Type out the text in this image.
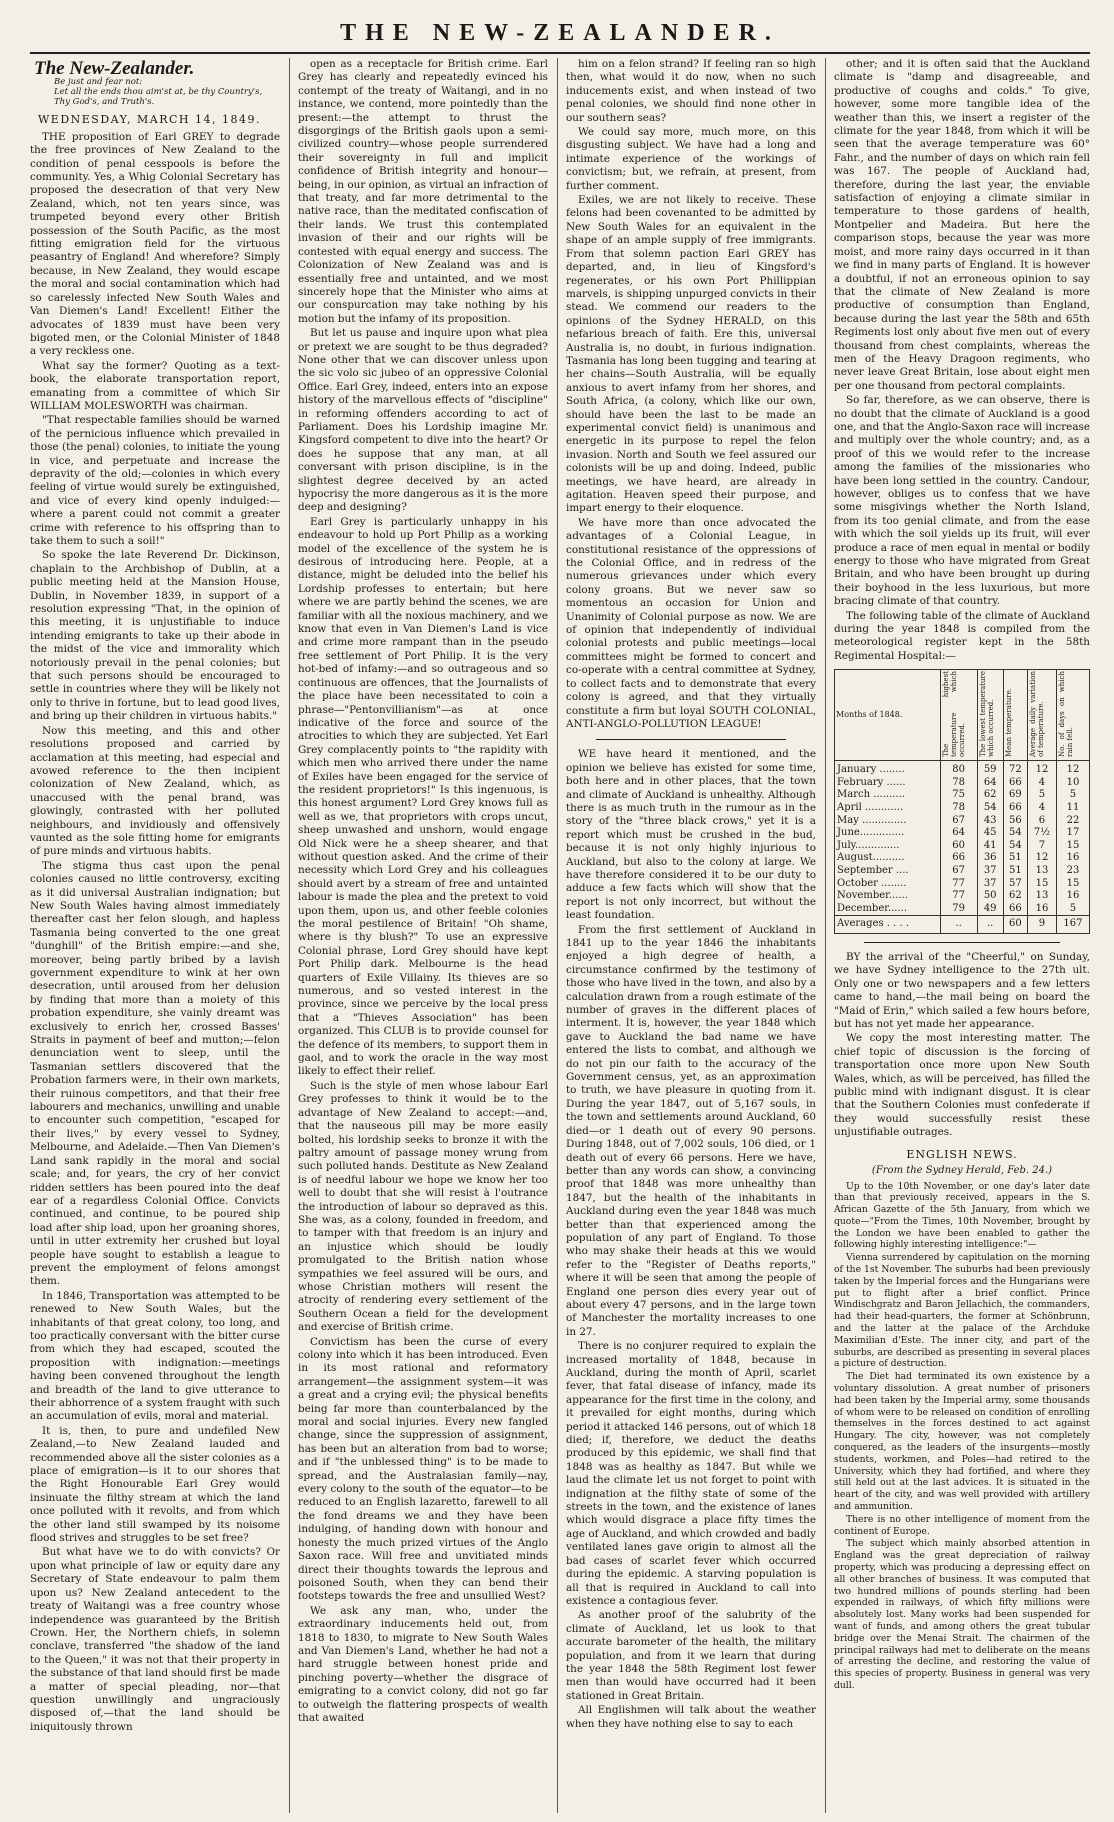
THE NEW-ZEALANDER.
The New-Zealander.
Be just and fear not:
Let all the ends thou aim'st at, be thy Country's,
Thy God's, and Truth's.
WEDNESDAY, MARCH 14, 1849.

THE proposition of Earl GREY to degrade the free provinces of New Zealand to the condition of penal cesspools is before the community. Yes, a Whig Colonial Secretary has proposed the desecration of that very New Zealand, which, not ten years since, was trumpeted beyond every other British possession of the South Pacific, as the most fitting emigration field for the virtuous peasantry of England! And wherefore? Simply because, in New Zealand, they would escape the moral and social contamination which had so carelessly infected New South Wales and Van Diemen's Land! Excellent! Either the advocates of 1839 must have been very bigoted men, or the Colonial Minister of 1848 a very reckless one.

What say the former? Quoting as a text-book, the elaborate transportation report, emanating from a committee of which Sir WILLIAM MOLESWORTH was chairman.

"That respectable families should be warned of the pernicious influence which prevailed in those (the penal) colonies, to initiate the young in vice, and perpetuate and increase the depravity of the old;—colonies in which every feeling of virtue would surely be extinguished, and vice of every kind openly indulged:—where a parent could not commit a greater crime with reference to his offspring than to take them to such a soil!"

So spoke the late Reverend Dr. Dickinson, chaplain to the Archbishop of Dublin, at a public meeting held at the Mansion House, Dublin, in November 1839, in support of a resolution expressing "That, in the opinion of this meeting, it is unjustifiable to induce intending emigrants to take up their abode in the midst of the vice and immorality which notoriously prevail in the penal colonies; but that such persons should be encouraged to settle in countries where they will be likely not only to thrive in fortune, but to lead good lives, and bring up their children in virtuous habits."

Now this meeting, and this and other resolutions proposed and carried by acclamation at this meeting, had especial and avowed reference to the then incipient colonization of New Zealand, which, as unaccused with the penal brand, was glowingly, contrasted with her polluted neighbours, and invidiously and offensively vaunted as the sole fitting home for emigrants of pure minds and virtuous habits.

The stigma thus cast upon the penal colonies caused no little controversy, exciting as it did universal Australian indignation; but New South Wales having almost immediately thereafter cast her felon slough, and hapless Tasmania being converted to the one great "dunghill" of the British empire:—and she, moreover, being partly bribed by a lavish government expenditure to wink at her own desecration, until aroused from her delusion by finding that more than a moiety of this probation expenditure, she vainly dreamt was exclusively to enrich her, crossed Basses' Straits in payment of beef and mutton;—felon denunciation went to sleep, until the Tasmanian settlers discovered that the Probation farmers were, in their own markets, their ruinous competitors, and that their free labourers and mechanics, unwilling and unable to encounter such competition, "escaped for their lives," by every vessel to Sydney, Melbourne, and Adelaide.—Then Van Diemen's Land sank rapidly in the moral and social scale; and, for years, the cry of her convict ridden settlers has been poured into the deaf ear of a regardless Colonial Office. Convicts continued, and continue, to be poured ship load after ship load, upon her groaning shores, until in utter extremity her crushed but loyal people have sought to establish a league to prevent the employment of felons amongst them.

In 1846, Transportation was attempted to be renewed to New South Wales, but the inhabitants of that great colony, too long, and too practically conversant with the bitter curse from which they had escaped, scouted the proposition with indignation:—meetings having been convened throughout the length and breadth of the land to give utterance to their abhorrence of a system fraught with such an accumulation of evils, moral and material.

It is, then, to pure and undefiled New Zealand,—to New Zealand lauded and recommended above all the sister colonies as a place of emigration—is it to our shores that the Right Honourable Earl Grey would insinuate the filthy stream at which the land once polluted with it revolts, and from which the other land still swamped by its noisome flood strives and struggles to be set free?

But what have we to do with convicts? Or upon what principle of law or equity dare any Secretary of State endeavour to palm them upon us? New Zealand antecedent to the treaty of Waitangi was a free country whose independence was guaranteed by the British Crown. Her, the Northern chiefs, in solemn conclave, transferred "the shadow of the land to the Queen," it was not that their property in the substance of that land should first be made a matter of special pleading, nor—that question unwillingly and ungraciously disposed of,—that the land should be iniquitously thrown

open as a receptacle for British crime. Earl Grey has clearly and repeatedly evinced his contempt of the treaty of Waitangi, and in no instance, we contend, more pointedly than the present:—the attempt to thrust the disgorgings of the British gaols upon a semi-civilized country—whose people surrendered their sovereignty in full and implicit confidence of British integrity and honour—being, in our opinion, as virtual an infraction of that treaty, and far more detrimental to the native race, than the meditated confiscation of their lands. We trust this contemplated invasion of their and our rights will be contested with equal energy and success. The Colonization of New Zealand was and is essentially free and untainted, and we most sincerely hope that the Minister who aims at our conspurcation may take nothing by his motion but the infamy of its proposition.

But let us pause and inquire upon what plea or pretext we are sought to be thus degraded? None other that we can discover unless upon the sic volo sic jubeo of an oppressive Colonial Office. Earl Grey, indeed, enters into an expose history of the marvellous effects of "discipline" in reforming offenders according to act of Parliament. Does his Lordship imagine Mr. Kingsford competent to dive into the heart? Or does he suppose that any man, at all conversant with prison discipline, is in the slightest degree deceived by an acted hypocrisy the more dangerous as it is the more deep and designing?

Earl Grey is particularly unhappy in his endeavour to hold up Port Philip as a working model of the excellence of the system he is desirous of introducing here. People, at a distance, might be deluded into the belief his Lordship professes to entertain; but here where we are partly behind the scenes, we are familiar with all the noxious machinery, and we know that even in Van Diemen's Land is vice and crime more rampant than in the pseudo free settlement of Port Philip. It is the very hot-bed of infamy:—and so outrageous and so continuous are offences, that the Journalists of the place have been necessitated to coin a phrase—"Pentonvillianism"—as at once indicative of the force and source of the atrocities to which they are subjected. Yet Earl Grey complacently points to "the rapidity with which men who arrived there under the name of Exiles have been engaged for the service of the resident proprietors!" Is this ingenuous, is this honest argument? Lord Grey knows full as well as we, that proprietors with crops uncut, sheep unwashed and unshorn, would engage Old Nick were he a sheep shearer, and that without question asked. And the crime of their necessity which Lord Grey and his colleagues should avert by a stream of free and untainted labour is made the plea and the pretext to void upon them, upon us, and other feeble colonies the moral pestilence of Britain! "Oh shame, where is thy blush?" To use an expressive Colonial phrase, Lord Grey should have kept Port Philip dark. Melbourne is the head quarters of Exile Villainy. Its thieves are so numerous, and so vested interest in the province, since we perceive by the local press that a "Thieves Association" has been organized. This CLUB is to provide counsel for the defence of its members, to support them in gaol, and to work the oracle in the way most likely to effect their relief.

Such is the style of men whose labour Earl Grey professes to think it would be to the advantage of New Zealand to accept:—and, that the nauseous pill may be more easily bolted, his lordship seeks to bronze it with the paltry amount of passage money wrung from such polluted hands. Destitute as New Zealand is of needful labour we hope we know her too well to doubt that she will resist à l'outrance the introduction of labour so depraved as this. She was, as a colony, founded in freedom, and to tamper with that freedom is an injury and an injustice which should be loudly promulgated to the British nation whose sympathies we feel assured will be ours, and whose Christian mothers will resent the atrocity of rendering every settlement of the Southern Ocean a field for the development and exercise of British crime.

Convictism has been the curse of every colony into which it has been introduced. Even in its most rational and reformatory arrangement—the assignment system—it was a great and a crying evil; the physical benefits being far more than counterbalanced by the moral and social injuries. Every new fangled change, since the suppression of assignment, has been but an alteration from bad to worse; and if "the unblessed thing" is to be made to spread, and the Australasian family—nay, every colony to the south of the equator—to be reduced to an English lazaretto, farewell to all the fond dreams we and they have been indulging, of handing down with honour and honesty the much prized virtues of the Anglo Saxon race. Will free and unvitiated minds direct their thoughts towards the leprous and poisoned South, when they can bend their footsteps towards the free and unsullied West?

We ask any man, who, under the extraordinary inducements held out, from 1818 to 1830, to migrate to New South Wales and Van Diemen's Land, whether he had not a hard struggle between honest pride and pinching poverty—whether the disgrace of emigrating to a convict colony, did not go far to outweigh the flattering prospects of wealth that awaited

him on a felon strand? If feeling ran so high then, what would it do now, when no such inducements exist, and when instead of two penal colonies, we should find none other in our southern seas?

We could say more, much more, on this disgusting subject. We have had a long and intimate experience of the workings of convictism; but, we refrain, at present, from further comment.

Exiles, we are not likely to receive. These felons had been covenanted to be admitted by New South Wales for an equivalent in the shape of an ample supply of free immigrants. From that solemn paction Earl GREY has departed, and, in lieu of Kingsford's regenerates, or his own Port Phillippian marvels, is shipping unpurged convicts in their stead. We commend our readers to the opinions of the Sydney HERALD, on this nefarious breach of faith. Ere this, universal Australia is, no doubt, in furious indignation. Tasmania has long been tugging and tearing at her chains—South Australia, will be equally anxious to avert infamy from her shores, and South Africa, (a colony, which like our own, should have been the last to be made an experimental convict field) is unanimous and energetic in its purpose to repel the felon invasion. North and South we feel assured our colonists will be up and doing. Indeed, public meetings, we have heard, are already in agitation. Heaven speed their purpose, and impart energy to their eloquence.

We have more than once advocated the advantages of a Colonial League, in constitutional resistance of the oppressions of the Colonial Office, and in redress of the numerous grievances under which every colony groans. But we never saw so momentous an occasion for Union and Unanimity of Colonial purpose as now. We are of opinion that independently of individual colonial protests and public meetings—local committees might be formed to concert and co-operate with a central committee at Sydney, to collect facts and to demonstrate that every colony is agreed, and that they virtually constitute a firm but loyal SOUTH COLONIAL, ANTI-ANGLO-POLLUTION LEAGUE!

WE have heard it mentioned, and the opinion we believe has existed for some time, both here and in other places, that the town and climate of Auckland is unhealthy. Although there is as much truth in the rumour as in the story of the "three black crows," yet it is a report which must be crushed in the bud, because it is not only highly injurious to Auckland, but also to the colony at large. We have therefore considered it to be our duty to adduce a few facts which will show that the report is not only incorrect, but without the least foundation.

From the first settlement of Auckland in 1841 up to the year 1846 the inhabitants enjoyed a high degree of health, a circumstance confirmed by the testimony of those who have lived in the town, and also by a calculation drawn from a rough estimate of the number of graves in the different places of interment. It is, however, the year 1848 which gave to Auckland the bad name we have entered the lists to combat, and although we do not pin our faith to the accuracy of the Government census, yet, as an approximation to truth, we have pleasure in quoting from it. During the year 1847, out of 5,167 souls, in the town and settlements around Auckland, 60 died—or 1 death out of every 90 persons. During 1848, out of 7,002 souls, 106 died, or 1 death out of every 66 persons. Here we have, better than any words can show, a convincing proof that 1848 was more unhealthy than 1847, but the health of the inhabitants in Auckland during even the year 1848 was much better than that experienced among the population of any part of England. To those who may shake their heads at this we would refer to the "Register of Deaths reports," where it will be seen that among the people of England one person dies every year out of about every 47 persons, and in the large town of Manchester the mortality increases to one in 27.

There is no conjurer required to explain the increased mortality of 1848, because in Auckland, during the month of April, scarlet fever, that fatal disease of infancy, made its appearance for the first time in the colony, and it prevailed for eight months, during which period it attacked 146 persons, out of which 18 died; if, therefore, we deduct the deaths produced by this epidemic, we shall find that 1848 was as healthy as 1847. But while we laud the climate let us not forget to point with indignation at the filthy state of some of the streets in the town, and the existence of lanes which would disgrace a place fifty times the age of Auckland, and which crowded and badly ventilated lanes gave origin to almost all the bad cases of scarlet fever which occurred during the epidemic. A starving population is all that is required in Auckland to call into existence a contagious fever.

As another proof of the salubrity of the climate of Auckland, let us look to that accurate barometer of the health, the military population, and from it we learn that during the year 1848 the 58th Regiment lost fewer men than would have occurred had it been stationed in Great Britain.

All Englishmen will talk about the weather when they have nothing else to say to each

other; and it is often said that the Auckland climate is "damp and disagreeable, and productive of coughs and colds." To give, however, some more tangible idea of the weather than this, we insert a register of the climate for the year 1848, from which it will be seen that the average temperature was 60° Fahr., and the number of days on which rain fell was 167. The people of Auckland had, therefore, during the last year, the enviable satisfaction of enjoying a climate similar in temperature to those gardens of health, Montpelier and Madeira. But here the comparison stops, because the year was more moist, and more rainy days occurred in it than we find in many parts of England. It is however a doubtful, if not an erroneous opinion to say that the climate of New Zealand is more productive of consumption than England, because during the last year the 58th and 65th Regiments lost only about five men out of every thousand from chest complaints, whereas the men of the Heavy Dragoon regiments, who never leave Great Britain, lose about eight men per one thousand from pectoral complaints.

So far, therefore, as we can observe, there is no doubt that the climate of Auckland is a good one, and that the Anglo-Saxon race will increase and multiply over the whole country; and, as a proof of this we would refer to the increase among the families of the missionaries who have been long settled in the country. Candour, however, obliges us to confess that we have some misgivings whether the North Island, from its too genial climate, and from the ease with which the soil yields up its fruit, will ever produce a race of men equal in mental or bodily energy to those who have migrated from Great Britain, and who have been brought up during their boyhood in the less luxurious, but more bracing climate of that country.

The following table of the climate of Auckland during the year 1848 is compiled from the meteorological register kept in the 58th Regimental Hospital:—

Months of 1848.	The highest temperature which occurred.	The lowest temperature which occurred.	Mean temperature.	Average daily variation of temperature.	No. of days on which rain fell.
January ........	80	59	72	12	12
February ......	78	64	66	4	10
March ..........	75	62	69	5	5
April ............	78	54	66	4	11
May ..............	67	43	56	6	22
June..............	64	45	54	7½	17
July..............	60	41	54	7	15
August..........	66	36	51	12	16
September ....	67	37	51	13	23
October ........	77	37	57	15	15
November......	77	50	62	13	16
December......	79	49	66	16	5
Averages . . . .	..	..	60	9	167

BY the arrival of the "Cheerful," on Sunday, we have Sydney intelligence to the 27th ult. Only one or two newspapers and a few letters came to hand,—the mail being on board the "Maid of Erin," which sailed a few hours before, but has not yet made her appearance.

We copy the most interesting matter. The chief topic of discussion is the forcing of transportation once more upon New South Wales, which, as will be perceived, has filled the public mind with indignant disgust. It is clear that the Southern Colonies must confederate if they would successfully resist these unjustifiable outrages.

ENGLISH NEWS.
(From the Sydney Herald, Feb. 24.)

Up to the 10th November, or one day's later date than that previously received, appears in the S. African Gazette of the 5th January, from which we quote—"From the Times, 10th November, brought by the London we have been enabled to gather the following highly interesting intelligence:"—

Vienna surrendered by capitulation on the morning of the 1st November. The suburbs had been previously taken by the Imperial forces and the Hungarians were put to flight after a brief conflict. Prince Windischgratz and Baron Jellachich, the commanders, had their head-quarters, the former at Schönbrunn, and the latter at the palace of the Archduke Maximilian d'Este. The inner city, and part of the suburbs, are described as presenting in several places a picture of destruction.

The Diet had terminated its own existence by a voluntary dissolution. A great number of prisoners had been taken by the Imperial army, some thousands of whom were to be released on condition of enrolling themselves in the forces destined to act against Hungary. The city, however, was not completely conquered, as the leaders of the insurgents—mostly students, workmen, and Poles—had retired to the University, which they had fortified, and where they still held out at the last advices. It is situated in the heart of the city, and was well provided with artillery and ammunition.

There is no other intelligence of moment from the continent of Europe.

The subject which mainly absorbed attention in England was the great depreciation of railway property, which was producing a depressing effect on all other branches of business. It was computed that two hundred millions of pounds sterling had been expended in railways, of which fifty millions were absolutely lost. Many works had been suspended for want of funds, and among others the great tubular bridge over the Menai Strait. The chairmen of the principal railways had met to deliberate on the means of arresting the decline, and restoring the value of this species of property. Business in general was very dull.
